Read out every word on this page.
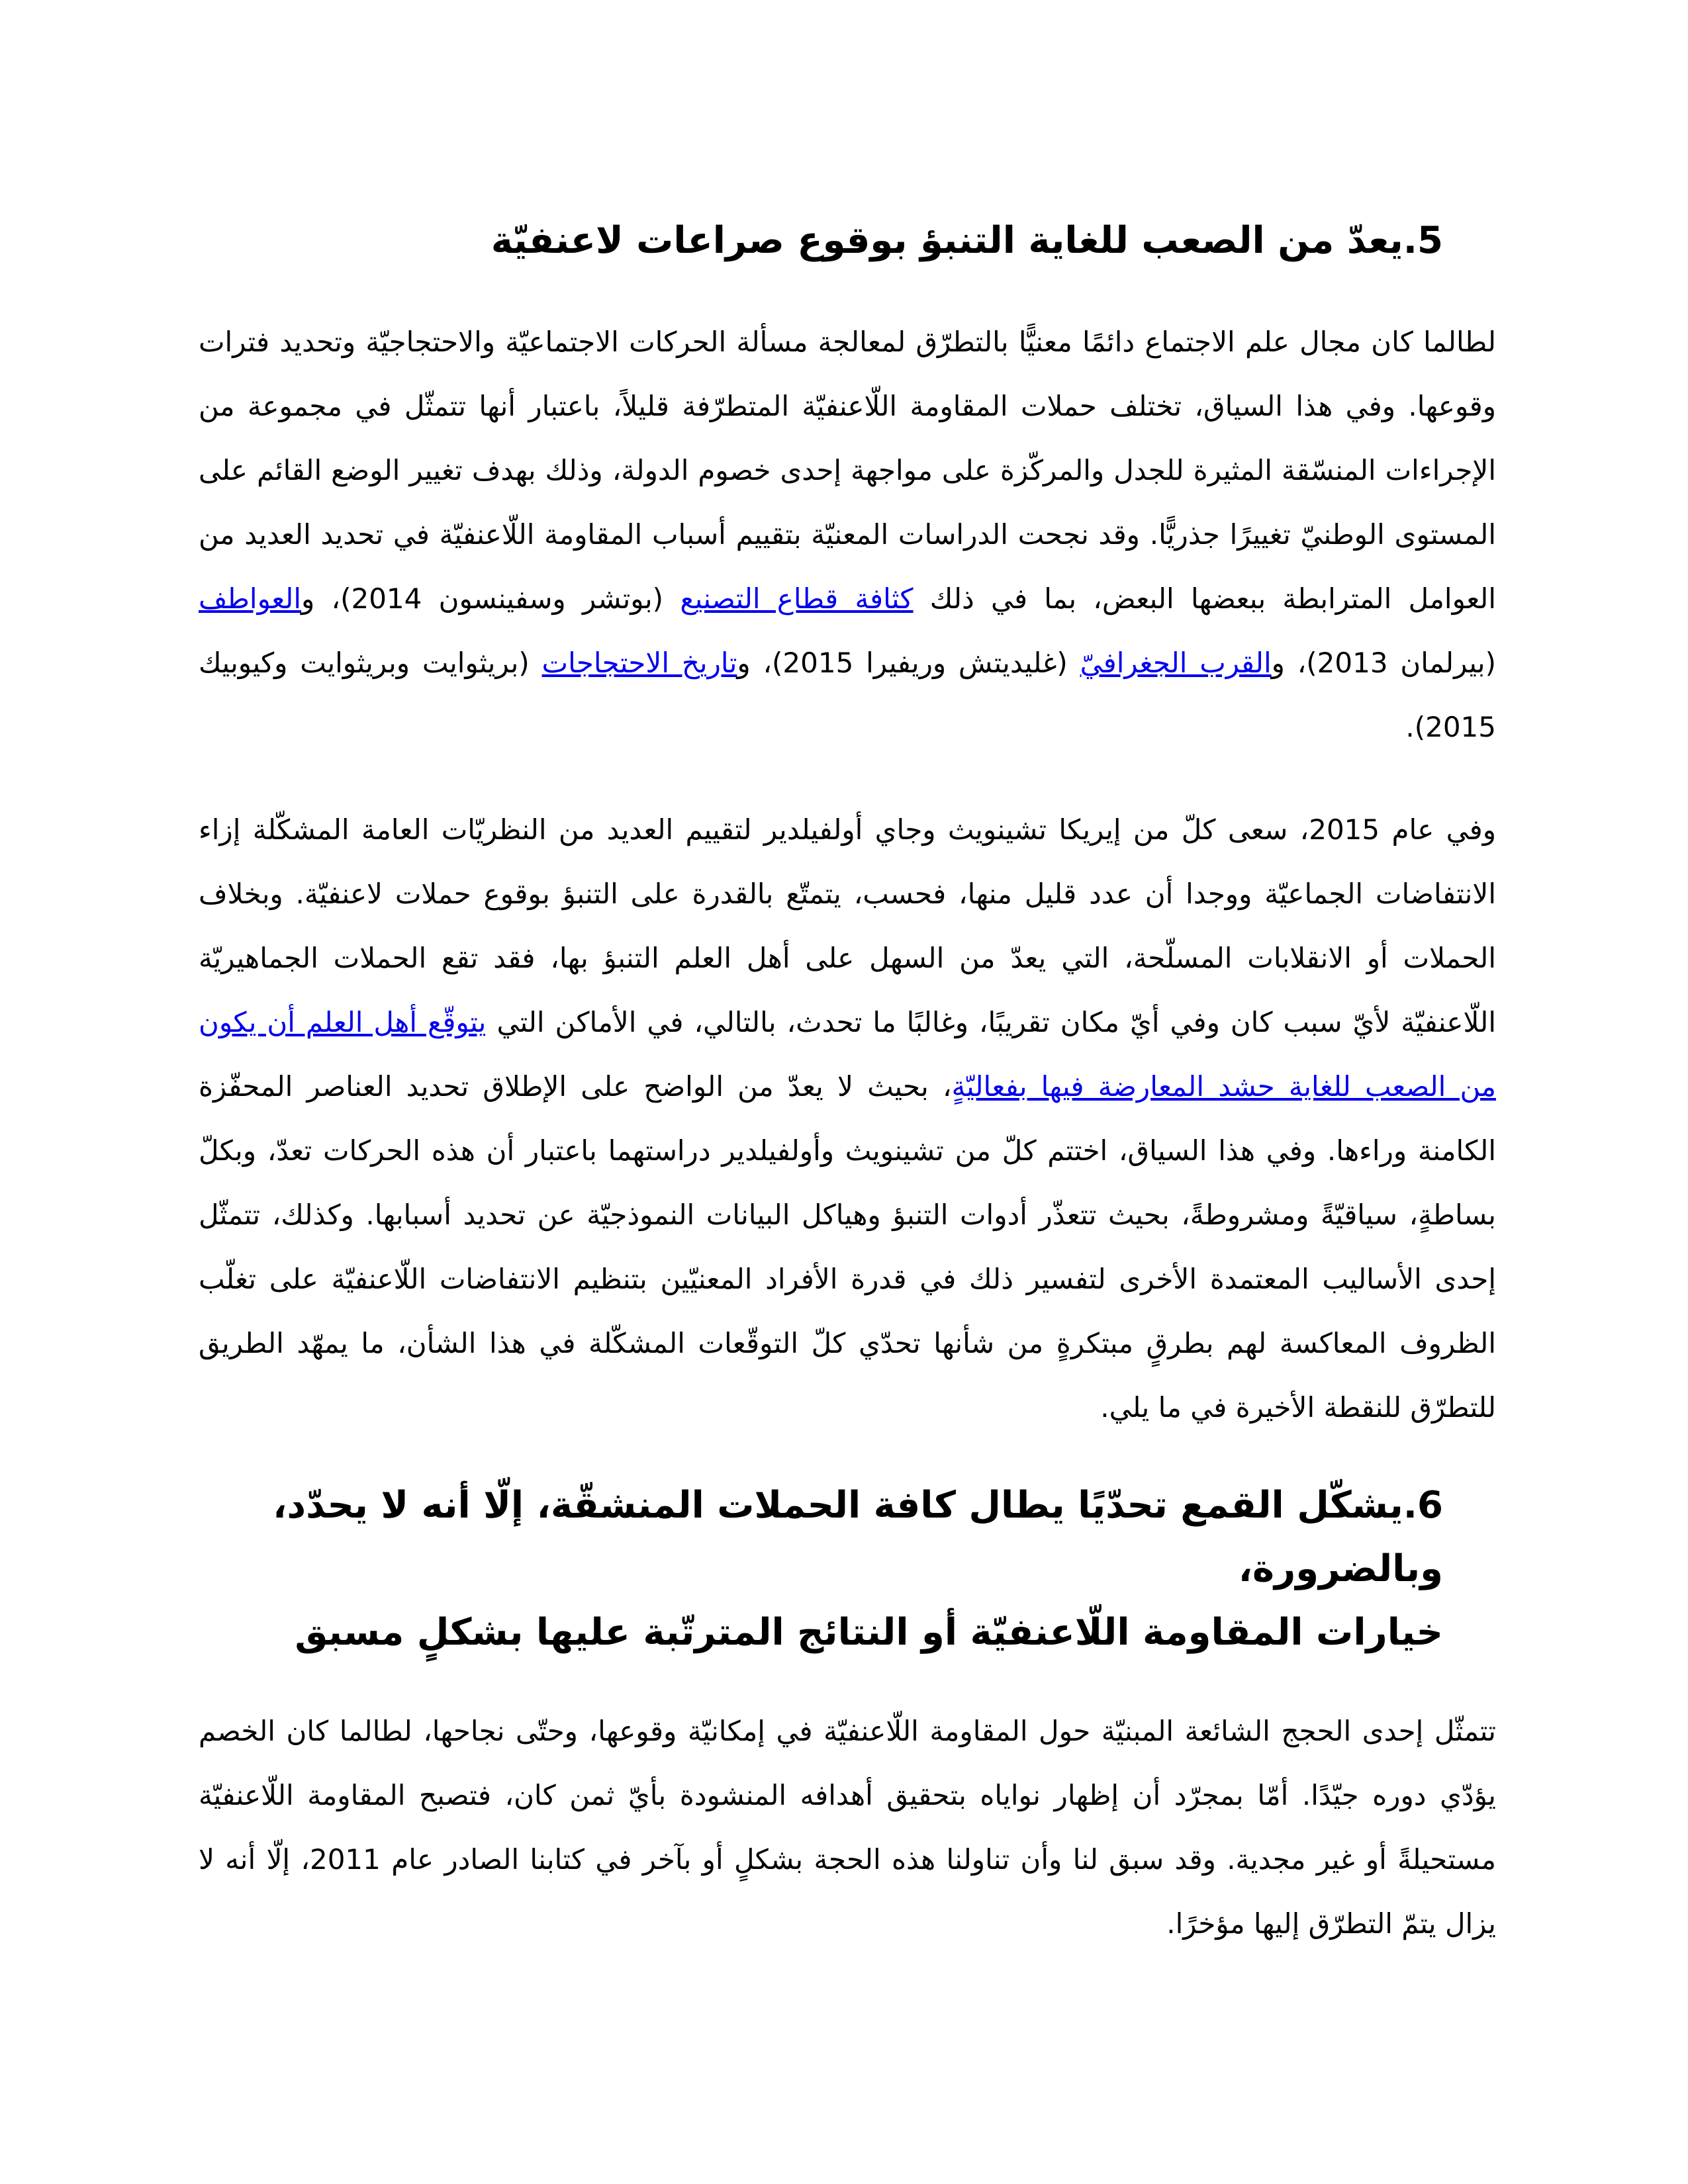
5.يعدّ من الصعب للغاية التنبؤ بوقوع صراعات لاعنفيّة

لطالما كان مجال علم الاجتماع دائمًا معنيًّا بالتطرّق لمعالجة مسألة الحركات الاجتماعيّة والاحتجاجيّة وتحديد فترات وقوعها. وفي هذا السياق، تختلف حملات المقاومة اللّاعنفيّة المتطرّفة قليلاً، باعتبار أنها تتمثّل في مجموعة من الإجراءات المنسّقة المثيرة للجدل والمركّزة على مواجهة إحدى خصوم الدولة، وذلك بهدف تغيير الوضع القائم على المستوى الوطنيّ تغييرًا جذريًّا. وقد نجحت الدراسات المعنيّة بتقييم أسباب المقاومة اللّاعنفيّة في تحديد العديد من العوامل المترابطة ببعضها البعض، بما في ذلك كثافة قطاع التصنيع (بوتشر وسفينسون 2014)، والعواطف (بيرلمان 2013)، والقرب الجغرافيّ (غليديتش وريفيرا 2015)، وتاريخ الاحتجاجات (بريثوايت وبريثوايت وكيوبيك 2015).

وفي عام 2015، سعى كلّ من إيريكا تشينويث وجاي أولفيلدير لتقييم العديد من النظريّات العامة المشكّلة إزاء الانتفاضات الجماعيّة ووجدا أن عدد قليل منها، فحسب، يتمتّع بالقدرة على التنبؤ بوقوع حملات لاعنفيّة. وبخلاف الحملات أو الانقلابات المسلّحة، التي يعدّ من السهل على أهل العلم التنبؤ بها، فقد تقع الحملات الجماهيريّة اللّاعنفيّة لأيّ سبب كان وفي أيّ مكان تقريبًا، وغالبًا ما تحدث، بالتالي، في الأماكن التي يتوقّع أهل العلم أن يكون من الصعب للغاية حشد المعارضة فيها بفعاليّةٍ، بحيث لا يعدّ من الواضح على الإطلاق تحديد العناصر المحفّزة الكامنة وراءها. وفي هذا السياق، اختتم كلّ من تشينويث وأولفيلدير دراستهما باعتبار أن هذه الحركات تعدّ، وبكلّ بساطةٍ، سياقيّةً ومشروطةً، بحيث تتعذّر أدوات التنبؤ وهياكل البيانات النموذجيّة عن تحديد أسبابها. وكذلك، تتمثّل إحدى الأساليب المعتمدة الأخرى لتفسير ذلك في قدرة الأفراد المعنيّين بتنظيم الانتفاضات اللّاعنفيّة على تغلّب الظروف المعاكسة لهم بطرقٍ مبتكرةٍ من شأنها تحدّي كلّ التوقّعات المشكّلة في هذا الشأن، ما يمهّد الطريق للتطرّق للنقطة الأخيرة في ما يلي.

6.يشكّل القمع تحدّيًا يطال كافة الحملات المنشقّة، إلّا أنه لا يحدّد، وبالضرورة،
خيارات المقاومة اللّاعنفيّة أو النتائج المترتّبة عليها بشكلٍ مسبق

تتمثّل إحدى الحجج الشائعة المبنيّة حول المقاومة اللّاعنفيّة في إمكانيّة وقوعها، وحتّى نجاحها، لطالما كان الخصم يؤدّي دوره جيّدًا. أمّا بمجرّد أن إظهار نواياه بتحقيق أهدافه المنشودة بأيّ ثمن كان، فتصبح المقاومة اللّاعنفيّة مستحيلةً أو غير مجدية. وقد سبق لنا وأن تناولنا هذه الحجة بشكلٍ أو بآخر في كتابنا الصادر عام 2011، إلّا أنه لا يزال يتمّ التطرّق إليها مؤخرًا.
